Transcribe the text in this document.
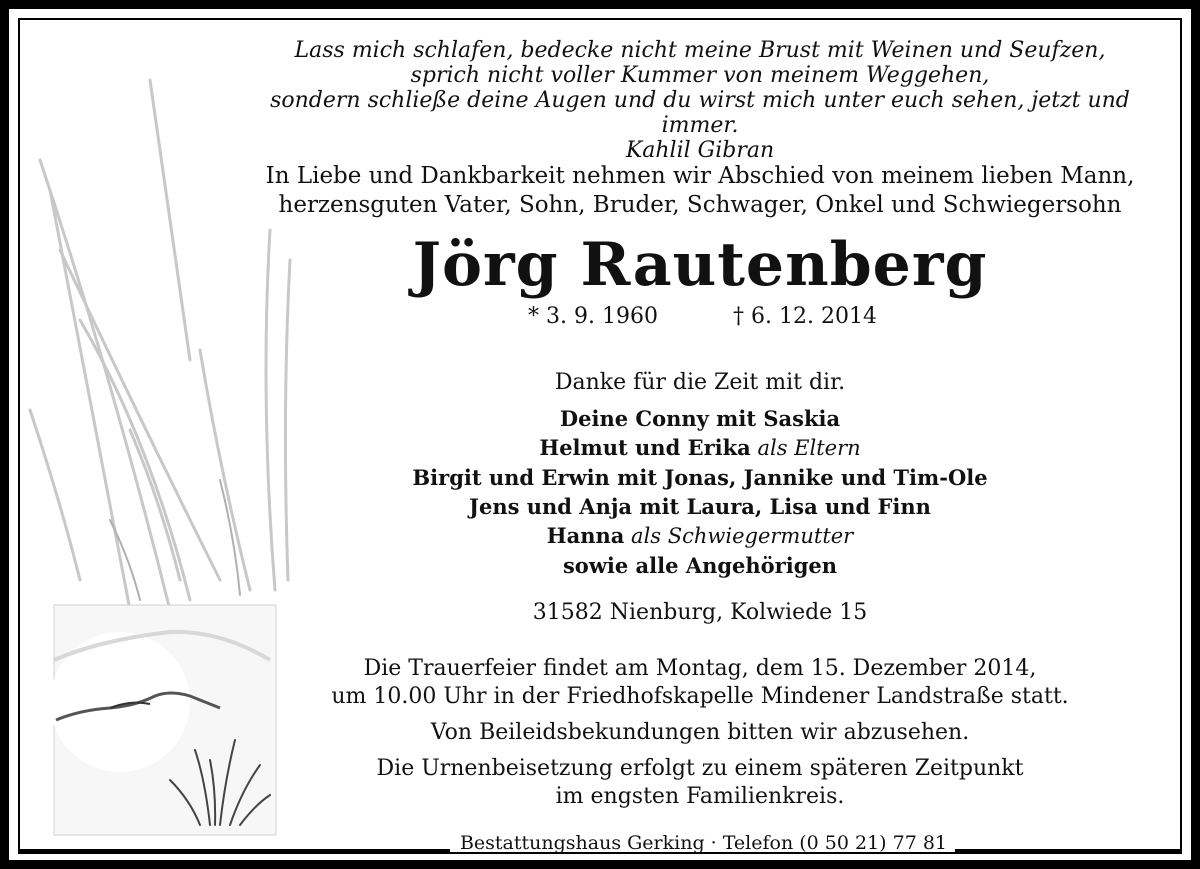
Lass mich schlafen, bedecke nicht meine Brust mit Weinen und Seufzen,
sprich nicht voller Kummer von meinem Weggehen,
sondern schließe deine Augen und du wirst mich unter euch sehen, jetzt und immer.
Kahlil Gibran
In Liebe und Dankbarkeit nehmen wir Abschied von meinem lieben Mann,
herzensguten Vater, Sohn, Bruder, Schwager, Onkel und Schwiegersohn
Jörg Rautenberg
* 3. 9. 1960	† 6. 12. 2014
Danke für die Zeit mit dir.
Deine Conny mit Saskia
Helmut und Erika als Eltern
Birgit und Erwin mit Jonas, Jannike und Tim-Ole
Jens und Anja mit Laura, Lisa und Finn
Hanna als Schwiegermutter
sowie alle Angehörigen
31582 Nienburg, Kolwiede 15
Die Trauerfeier findet am Montag, dem 15. Dezember 2014,
um 10.00 Uhr in der Friedhofskapelle Mindener Landstraße statt.
Von Beileidsbekundungen bitten wir abzusehen.
Die Urnenbeisetzung erfolgt zu einem späteren Zeitpunkt
im engsten Familienkreis.
Bestattungshaus Gerking · Telefon (0 50 21) 77 81
